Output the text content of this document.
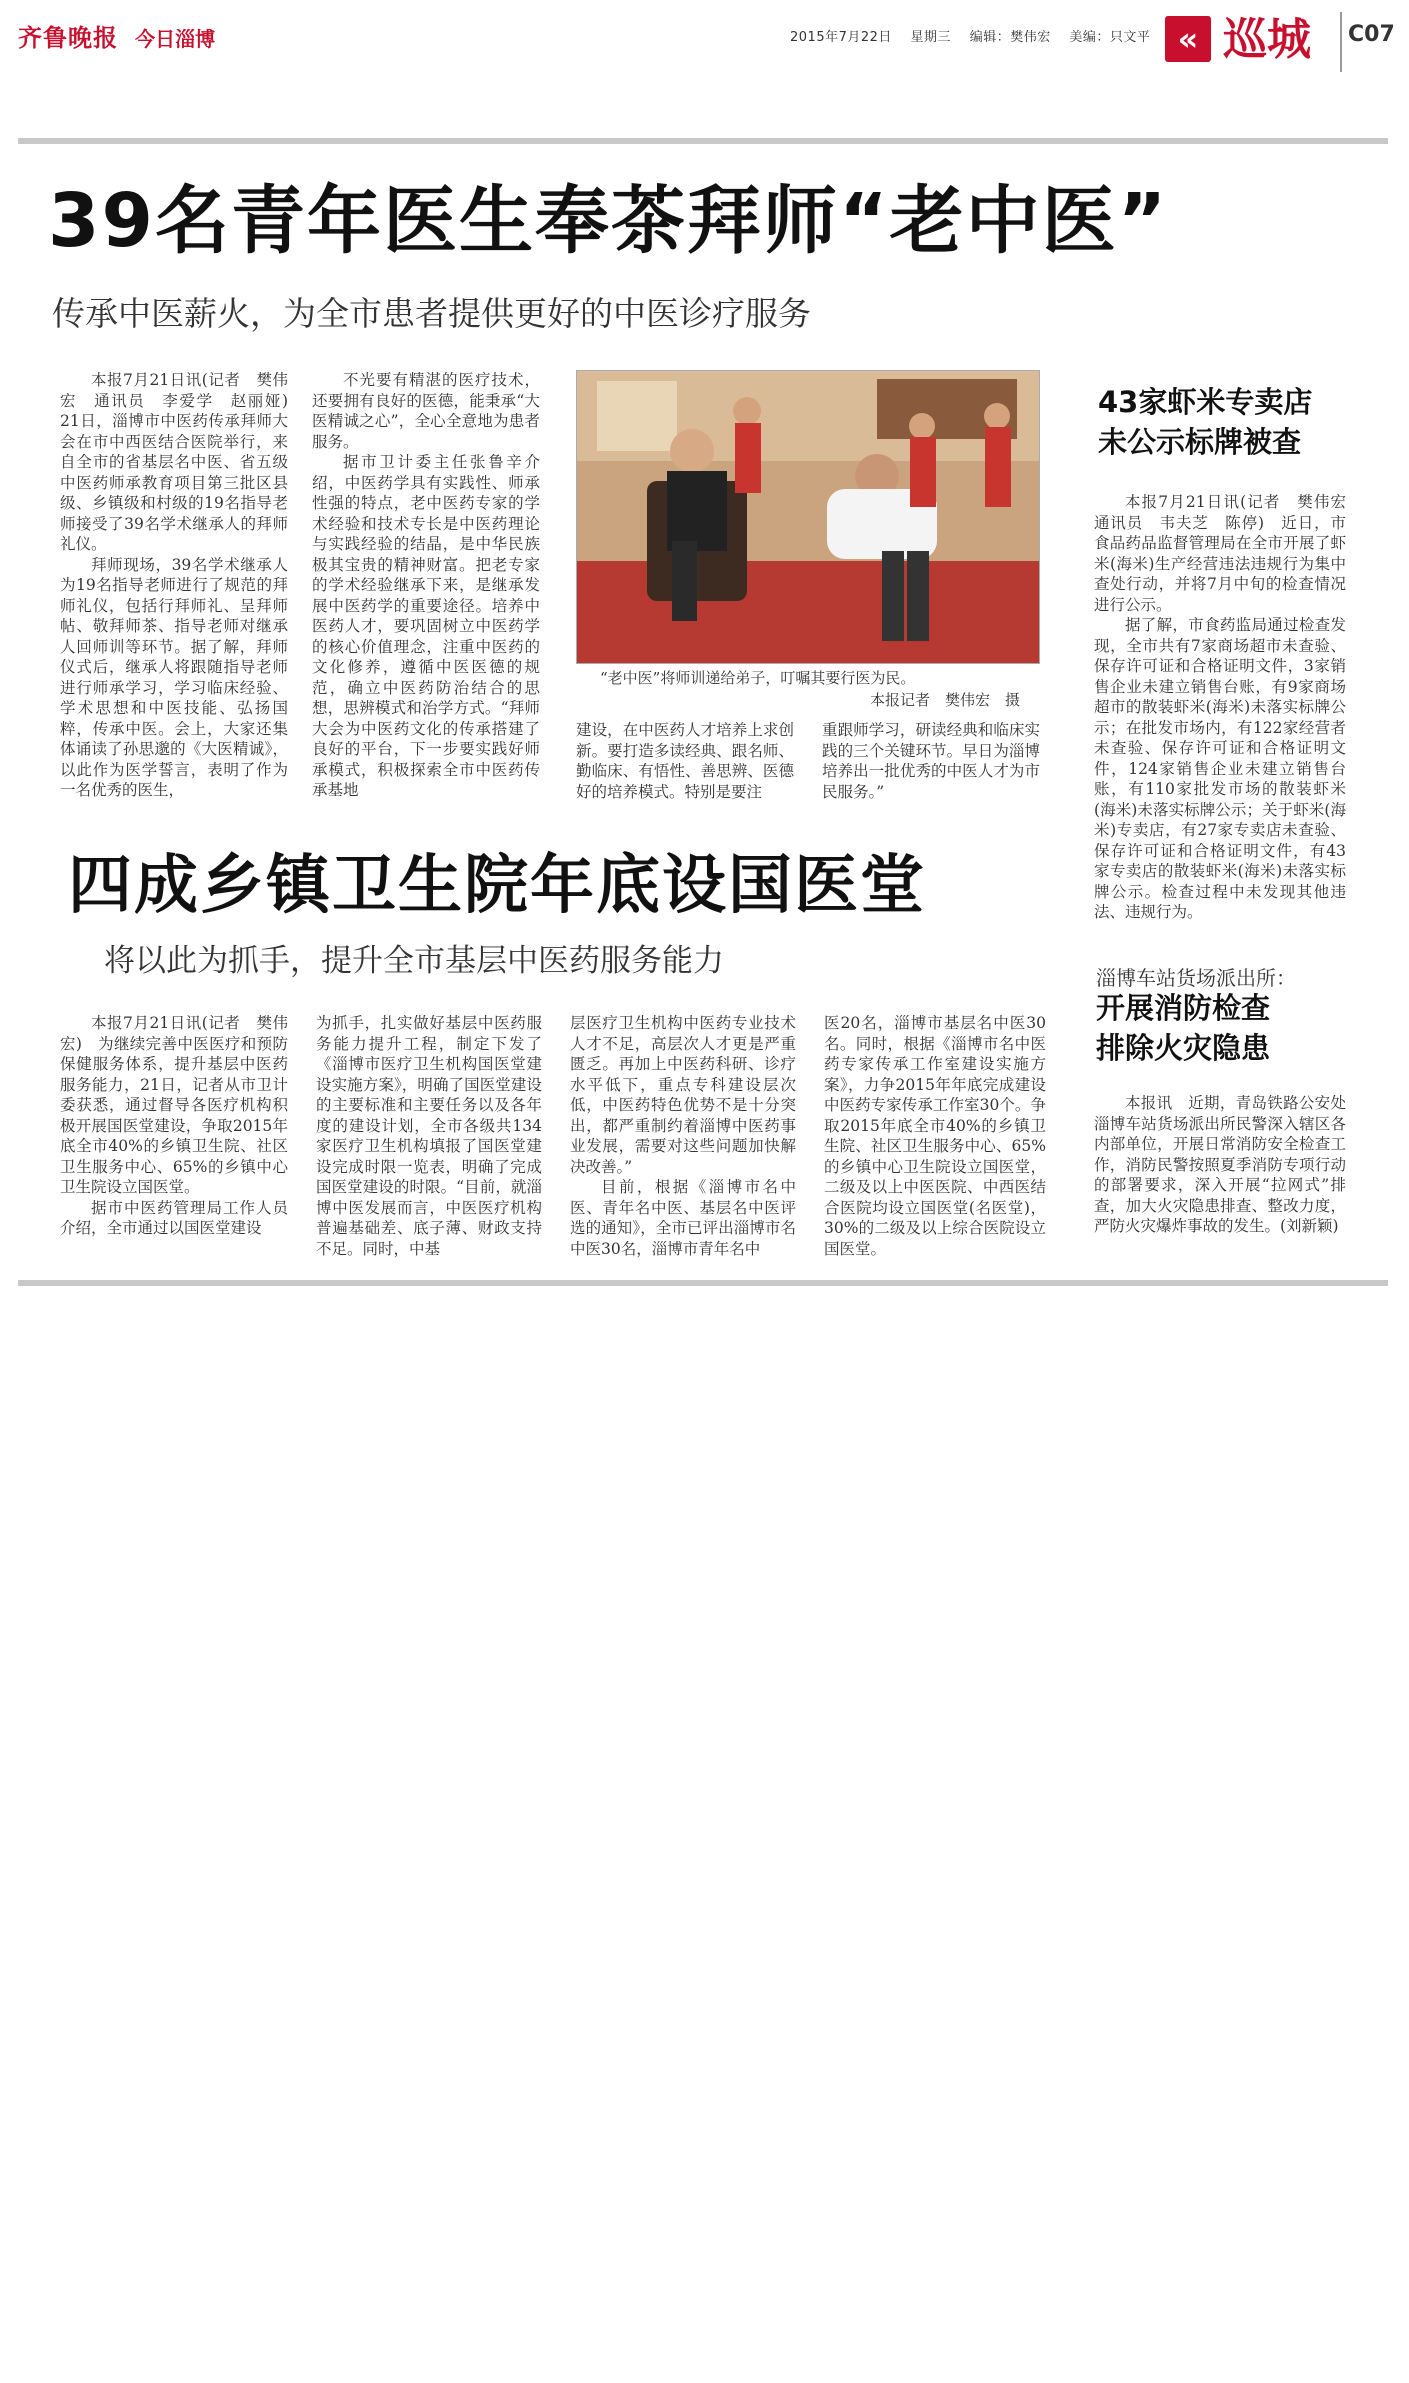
齐鲁晚报 今日淄博	2015年7月22日 星期三 编辑：樊伟宏 美编：只文平 « 巡城 C07
39名青年医生奉茶拜师“老中医”
传承中医薪火，为全市患者提供更好的中医诊疗服务

本报7月21日讯(记者　樊伟宏　通讯员　李爱学　赵丽娅)　21日，淄博市中医药传承拜师大会在市中西医结合医院举行，来自全市的省基层名中医、省五级中医药师承教育项目第三批区县级、乡镇级和村级的19名指导老师接受了39名学术继承人的拜师礼仪。

拜师现场，39名学术继承人为19名指导老师进行了规范的拜师礼仪，包括行拜师礼、呈拜师帖、敬拜师茶、指导老师对继承人回师训等环节。据了解，拜师仪式后，继承人将跟随指导老师进行师承学习，学习临床经验、学术思想和中医技能、弘扬国粹，传承中医。会上，大家还集体诵读了孙思邈的《大医精诚》，以此作为医学誓言，表明了作为一名优秀的医生，

不光要有精湛的医疗技术，还要拥有良好的医德，能秉承“大医精诚之心”，全心全意地为患者服务。

据市卫计委主任张鲁辛介绍，中医药学具有实践性、师承性强的特点，老中医药专家的学术经验和技术专长是中医药理论与实践经验的结晶，是中华民族极其宝贵的精神财富。把老专家的学术经验继承下来，是继承发展中医药学的重要途径。培养中医药人才，要巩固树立中医药学的核心价值理念，注重中医药的文化修养，遵循中医医德的规范，确立中医药防治结合的思想，思辨模式和治学方式。“拜师大会为中医药文化的传承搭建了良好的平台，下一步要实践好师承模式，积极探索全市中医药传承基地

“老中医”将师训递给弟子，叮嘱其要行医为民。
本报记者　樊伟宏　摄

建设，在中医药人才培养上求创新。要打造多读经典、跟名师、勤临床、有悟性、善思辨、医德好的培养模式。特别是要注

重跟师学习，研读经典和临床实践的三个关键环节。早日为淄博培养出一批优秀的中医人才为市民服务。”

四成乡镇卫生院年底设国医堂
将以此为抓手，提升全市基层中医药服务能力

本报7月21日讯(记者　樊伟宏)　为继续完善中医医疗和预防保健服务体系，提升基层中医药服务能力，21日，记者从市卫计委获悉，通过督导各医疗机构积极开展国医堂建设，争取2015年底全市40%的乡镇卫生院、社区卫生服务中心、65%的乡镇中心卫生院设立国医堂。

据市中医药管理局工作人员介绍，全市通过以国医堂建设

为抓手，扎实做好基层中医药服务能力提升工程，制定下发了《淄博市医疗卫生机构国医堂建设实施方案》，明确了国医堂建设的主要标准和主要任务以及各年度的建设计划，全市各级共134家医疗卫生机构填报了国医堂建设完成时限一览表，明确了完成国医堂建设的时限。“目前，就淄博中医发展而言，中医医疗机构普遍基础差、底子薄、财政支持不足。同时，中基

层医疗卫生机构中医药专业技术人才不足，高层次人才更是严重匮乏。再加上中医药科研、诊疗水平低下，重点专科建设层次低，中医药特色优势不是十分突出，都严重制约着淄博中医药事业发展，需要对这些问题加快解决改善。”

目前，根据《淄博市名中医、青年名中医、基层名中医评选的通知》，全市已评出淄博市名中医30名，淄博市青年名中

医20名，淄博市基层名中医30名。同时，根据《淄博市名中医药专家传承工作室建设实施方案》，力争2015年年底完成建设中医药专家传承工作室30个。争取2015年底全市40%的乡镇卫生院、社区卫生服务中心、65%的乡镇中心卫生院设立国医堂，二级及以上中医医院、中西医结合医院均设立国医堂(名医堂)，30%的二级及以上综合医院设立国医堂。

43家虾米专卖店
未公示标牌被查

本报7月21日讯(记者　樊伟宏　通讯员　韦夫芝　陈停)　近日，市食品药品监督管理局在全市开展了虾米(海米)生产经营违法违规行为集中查处行动，并将7月中旬的检查情况进行公示。

据了解，市食药监局通过检查发现，全市共有7家商场超市未查验、保存许可证和合格证明文件，3家销售企业未建立销售台账，有9家商场超市的散装虾米(海米)未落实标牌公示；在批发市场内，有122家经营者未查验、保存许可证和合格证明文件，124家销售企业未建立销售台账，有110家批发市场的散装虾米(海米)未落实标牌公示；关于虾米(海米)专卖店，有27家专卖店未查验、保存许可证和合格证明文件，有43家专卖店的散装虾米(海米)未落实标牌公示。检查过程中未发现其他违法、违规行为。

淄博车站货场派出所：
开展消防检查
排除火灾隐患

本报讯　近期，青岛铁路公安处淄博车站货场派出所民警深入辖区各内部单位，开展日常消防安全检查工作，消防民警按照夏季消防专项行动的部署要求，深入开展“拉网式”排查，加大火灾隐患排查、整改力度，严防火灾爆炸事故的发生。(刘新颖)
